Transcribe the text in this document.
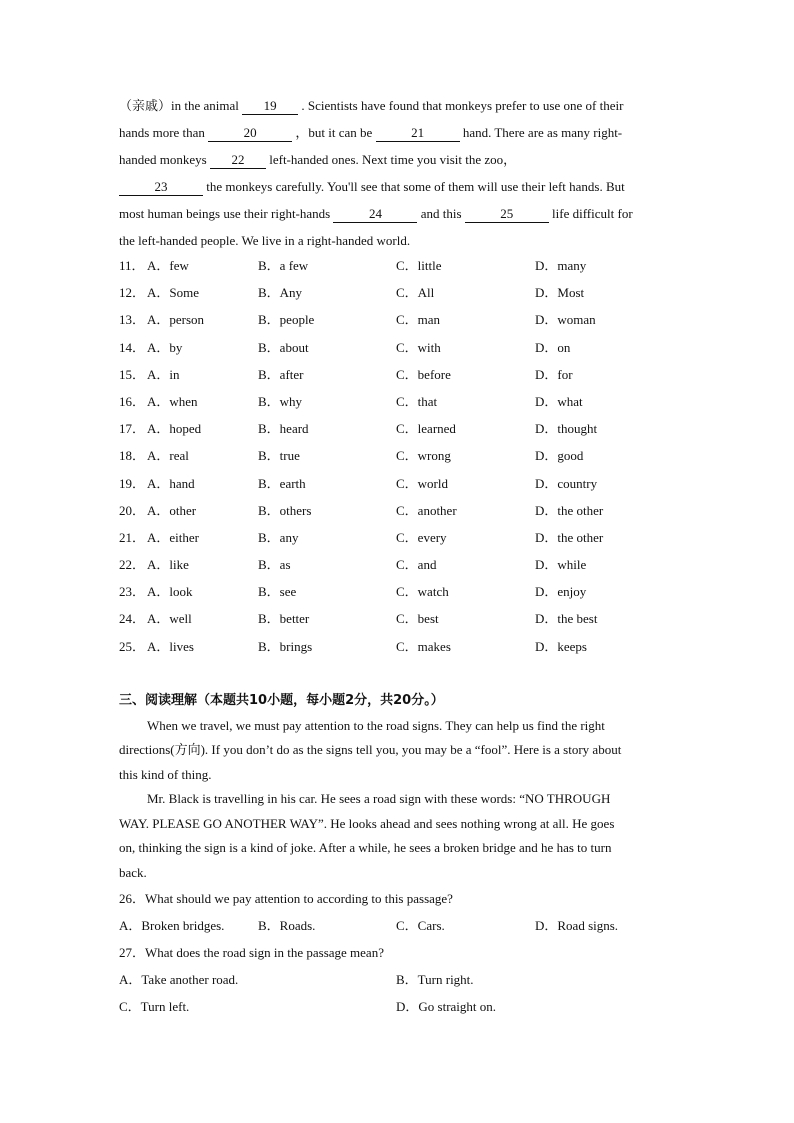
（亲戚）in the animal 19 . Scientists have found that monkeys prefer to use one of their
hands more than	20	，but it can be	21	hand. There are as many right-
handed monkeys 22 left-handed ones. Next time you visit the zoo，
23	the monkeys carefully. You'll see that some of them will use their left hands. But
most human beings use their right-hands	24	and this	25	life difficult for
the left-handed people. We live in a right-handed world.
11． A．few	B．a few	C．little	D．many
12． A．Some	B．Any	C．All	D．Most
13． A．person	B．people	C．man	D．woman
14． A．by	B．about	C．with	D．on
15． A．in	B．after	C．before	D．for
16． A．when	B．why	C．that	D．what
17． A．hoped	B．heard	C．learned	D．thought
18． A．real	B．true	C．wrong	D．good
19． A．hand	B．earth	C．world	D．country
20． A．other	B．others	C．another	D．the other
21． A．either	B．any	C．every	D．the other
22． A．like	B．as	C．and	D．while
23． A．look	B．see	C．watch	D．enjoy
24． A．well	B．better	C．best	D．the best
25． A．lives	B．brings	C．makes	D．keeps
三、阅读理解（本题共10小题，每小题2分，共20分。）
When we travel, we must pay attention to the road signs. They can help us find the right
directions(方向). If you don’t do as the signs tell you, you may be a “fool”. Here is a story about
this kind of thing.
Mr. Black is travelling in his car. He sees a road sign with these words: “NO THROUGH
WAY. PLEASE GO ANOTHER WAY”. He looks ahead and sees nothing wrong at all. He goes
on, thinking the sign is a kind of joke. After a while, he sees a broken bridge and he has to turn
back.
26．What should we pay attention to according to this passage?
A．Broken bridges.	B．Roads.	C．Cars.	D．Road signs.
27．What does the road sign in the passage mean?
A．Take another road.	B．Turn right.
C．Turn left.	D．Go straight on.
